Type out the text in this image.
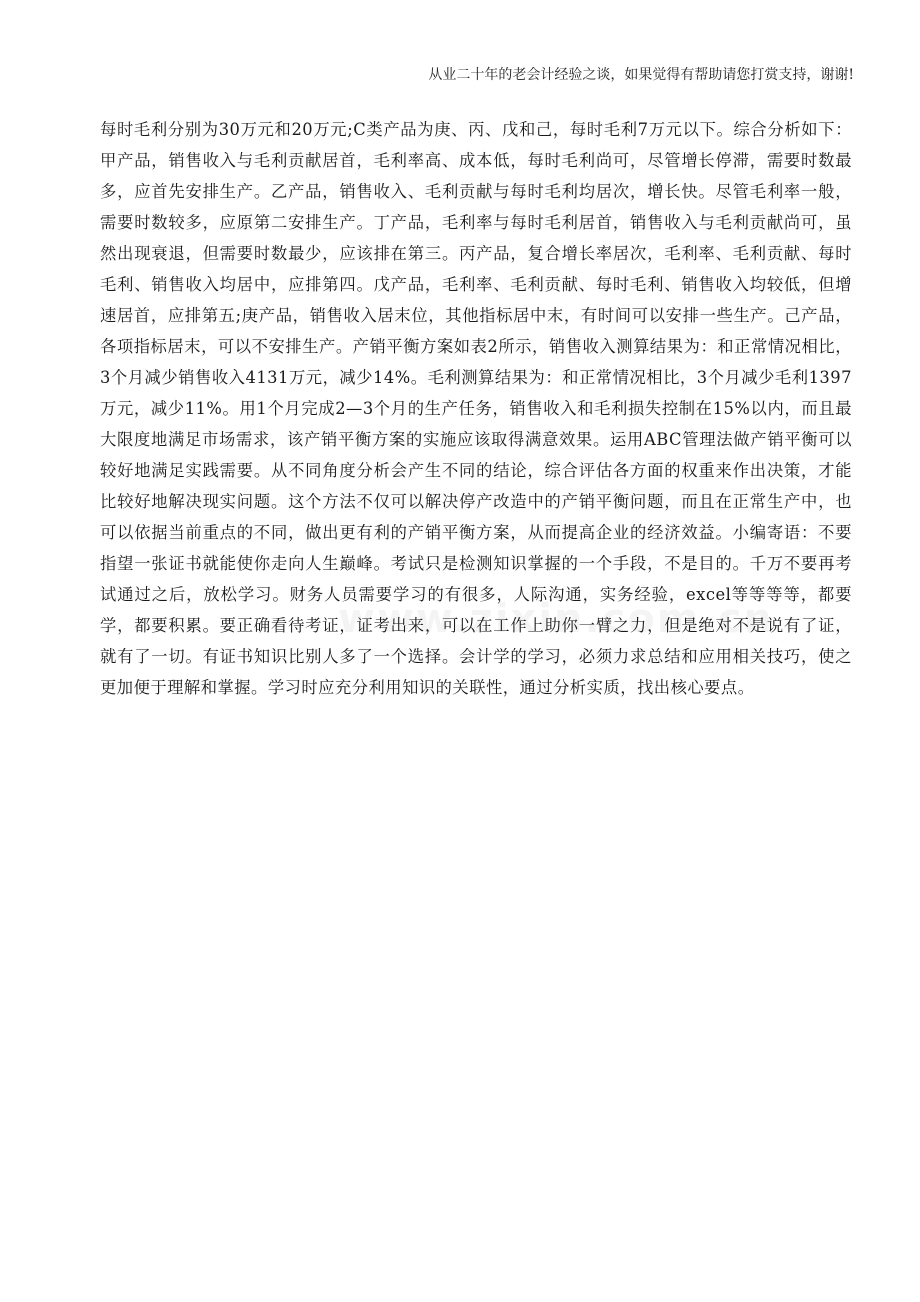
从业二十年的老会计经验之谈，如果觉得有帮助请您打赏支持，谢谢!

每时毛利分别为30万元和20万元;C类产品为庚、丙、戊和己，每时毛利7万元以下。综合分析如下：甲产品，销售收入与毛利贡献居首，毛利率高、成本低，每时毛利尚可，尽管增长停滞，需要时数最多，应首先安排生产。乙产品，销售收入、毛利贡献与每时毛利均居次，增长快。尽管毛利率一般，需要时数较多，应原第二安排生产。丁产品，毛利率与每时毛利居首，销售收入与毛利贡献尚可，虽然出现衰退，但需要时数最少，应该排在第三。丙产品，复合增长率居次，毛利率、毛利贡献、每时毛利、销售收入均居中，应排第四。戊产品，毛利率、毛利贡献、每时毛利、销售收入均较低，但增速居首，应排第五;庚产品，销售收入居末位，其他指标居中末，有时间可以安排一些生产。己产品，各项指标居末，可以不安排生产。产销平衡方案如表2所示，销售收入测算结果为：和正常情况相比，3个月减少销售收入4131万元，减少14%。毛利测算结果为：和正常情况相比，3个月减少毛利1397万元，减少11%。用1个月完成2—3个月的生产任务，销售收入和毛利损失控制在15%以内，而且最大限度地满足市场需求，该产销平衡方案的实施应该取得满意效果。运用ABC管理法做产销平衡可以较好地满足实践需要。从不同角度分析会产生不同的结论，综合评估各方面的权重来作出决策，才能比较好地解决现实问题。这个方法不仅可以解决停产改造中的产销平衡问题，而且在正常生产中，也可以依据当前重点的不同，做出更有利的产销平衡方案，从而提高企业的经济效益。小编寄语：不要指望一张证书就能使你走向人生巅峰。考试只是检测知识掌握的一个手段，不是目的。千万不要再考试通过之后，放松学习。财务人员需要学习的有很多，人际沟通，实务经验，excel等等等等，都要学，都要积累。要正确看待考证，证考出来，可以在工作上助你一臂之力，但是绝对不是说有了证，就有了一切。有证书知识比别人多了一个选择。会计学的学习，必须力求总结和应用相关技巧，使之更加便于理解和掌握。学习时应充分利用知识的关联性，通过分析实质，找出核心要点。
